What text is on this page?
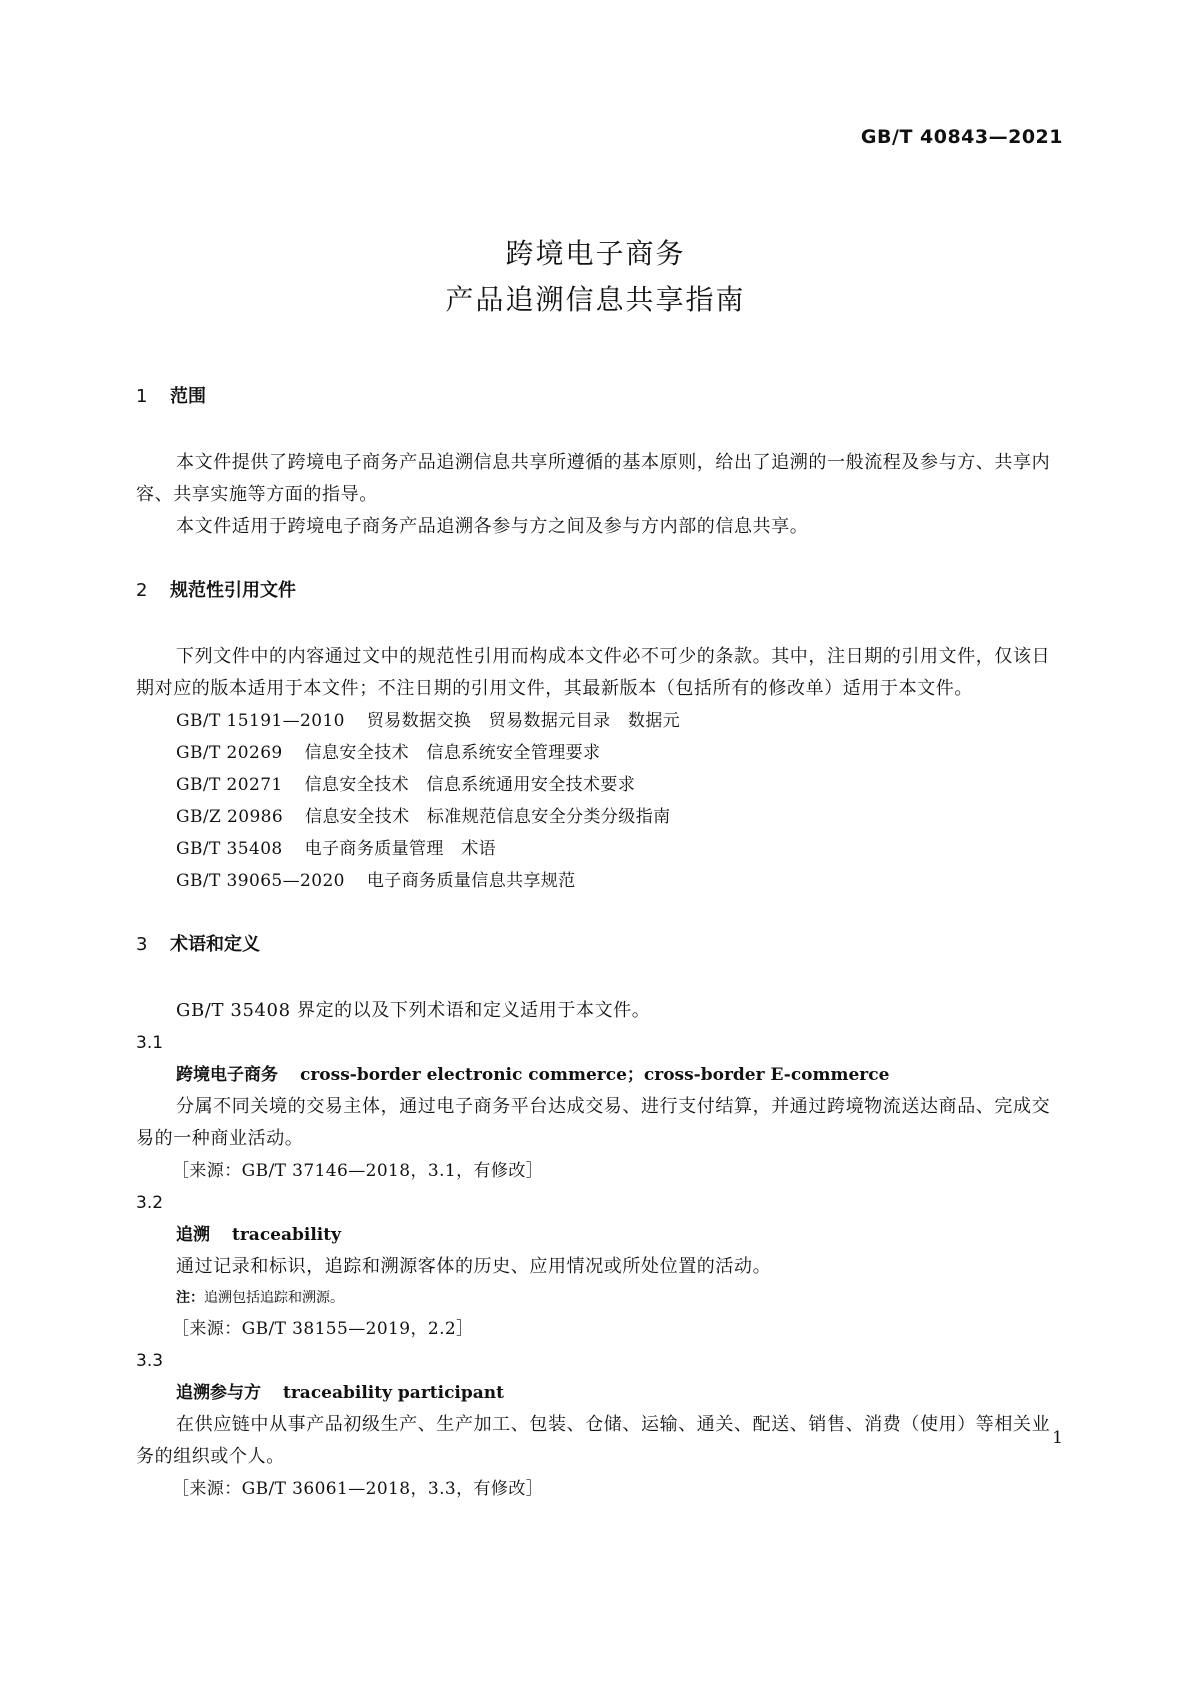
GB/T 40843—2021
跨境电子商务
产品追溯信息共享指南
1 范围
本文件提供了跨境电子商务产品追溯信息共享所遵循的基本原则，给出了追溯的一般流程及参与方、共享内容、共享实施等方面的指导。
本文件适用于跨境电子商务产品追溯各参与方之间及参与方内部的信息共享。
2 规范性引用文件
下列文件中的内容通过文中的规范性引用而构成本文件必不可少的条款。其中，注日期的引用文件，仅该日期对应的版本适用于本文件；不注日期的引用文件，其最新版本（包括所有的修改单）适用于本文件。
GB/T 15191—2010 贸易数据交换　贸易数据元目录　数据元
GB/T 20269 信息安全技术　信息系统安全管理要求
GB/T 20271 信息安全技术　信息系统通用安全技术要求
GB/Z 20986 信息安全技术　标准规范信息安全分类分级指南
GB/T 35408 电子商务质量管理　术语
GB/T 39065—2020 电子商务质量信息共享规范
3 术语和定义
GB/T 35408 界定的以及下列术语和定义适用于本文件。
3.1
跨境电子商务 cross-border electronic commerce；cross-border E-commerce
分属不同关境的交易主体，通过电子商务平台达成交易、进行支付结算，并通过跨境物流送达商品、完成交易的一种商业活动。
［来源：GB/T 37146—2018，3.1，有修改］
3.2
追溯 traceability
通过记录和标识，追踪和溯源客体的历史、应用情况或所处位置的活动。
注：追溯包括追踪和溯源。
［来源：GB/T 38155—2019，2.2］
3.3
追溯参与方 traceability participant
在供应链中从事产品初级生产、生产加工、包装、仓储、运输、通关、配送、销售、消费（使用）等相关业务的组织或个人。
［来源：GB/T 36061—2018，3.3，有修改］
1
